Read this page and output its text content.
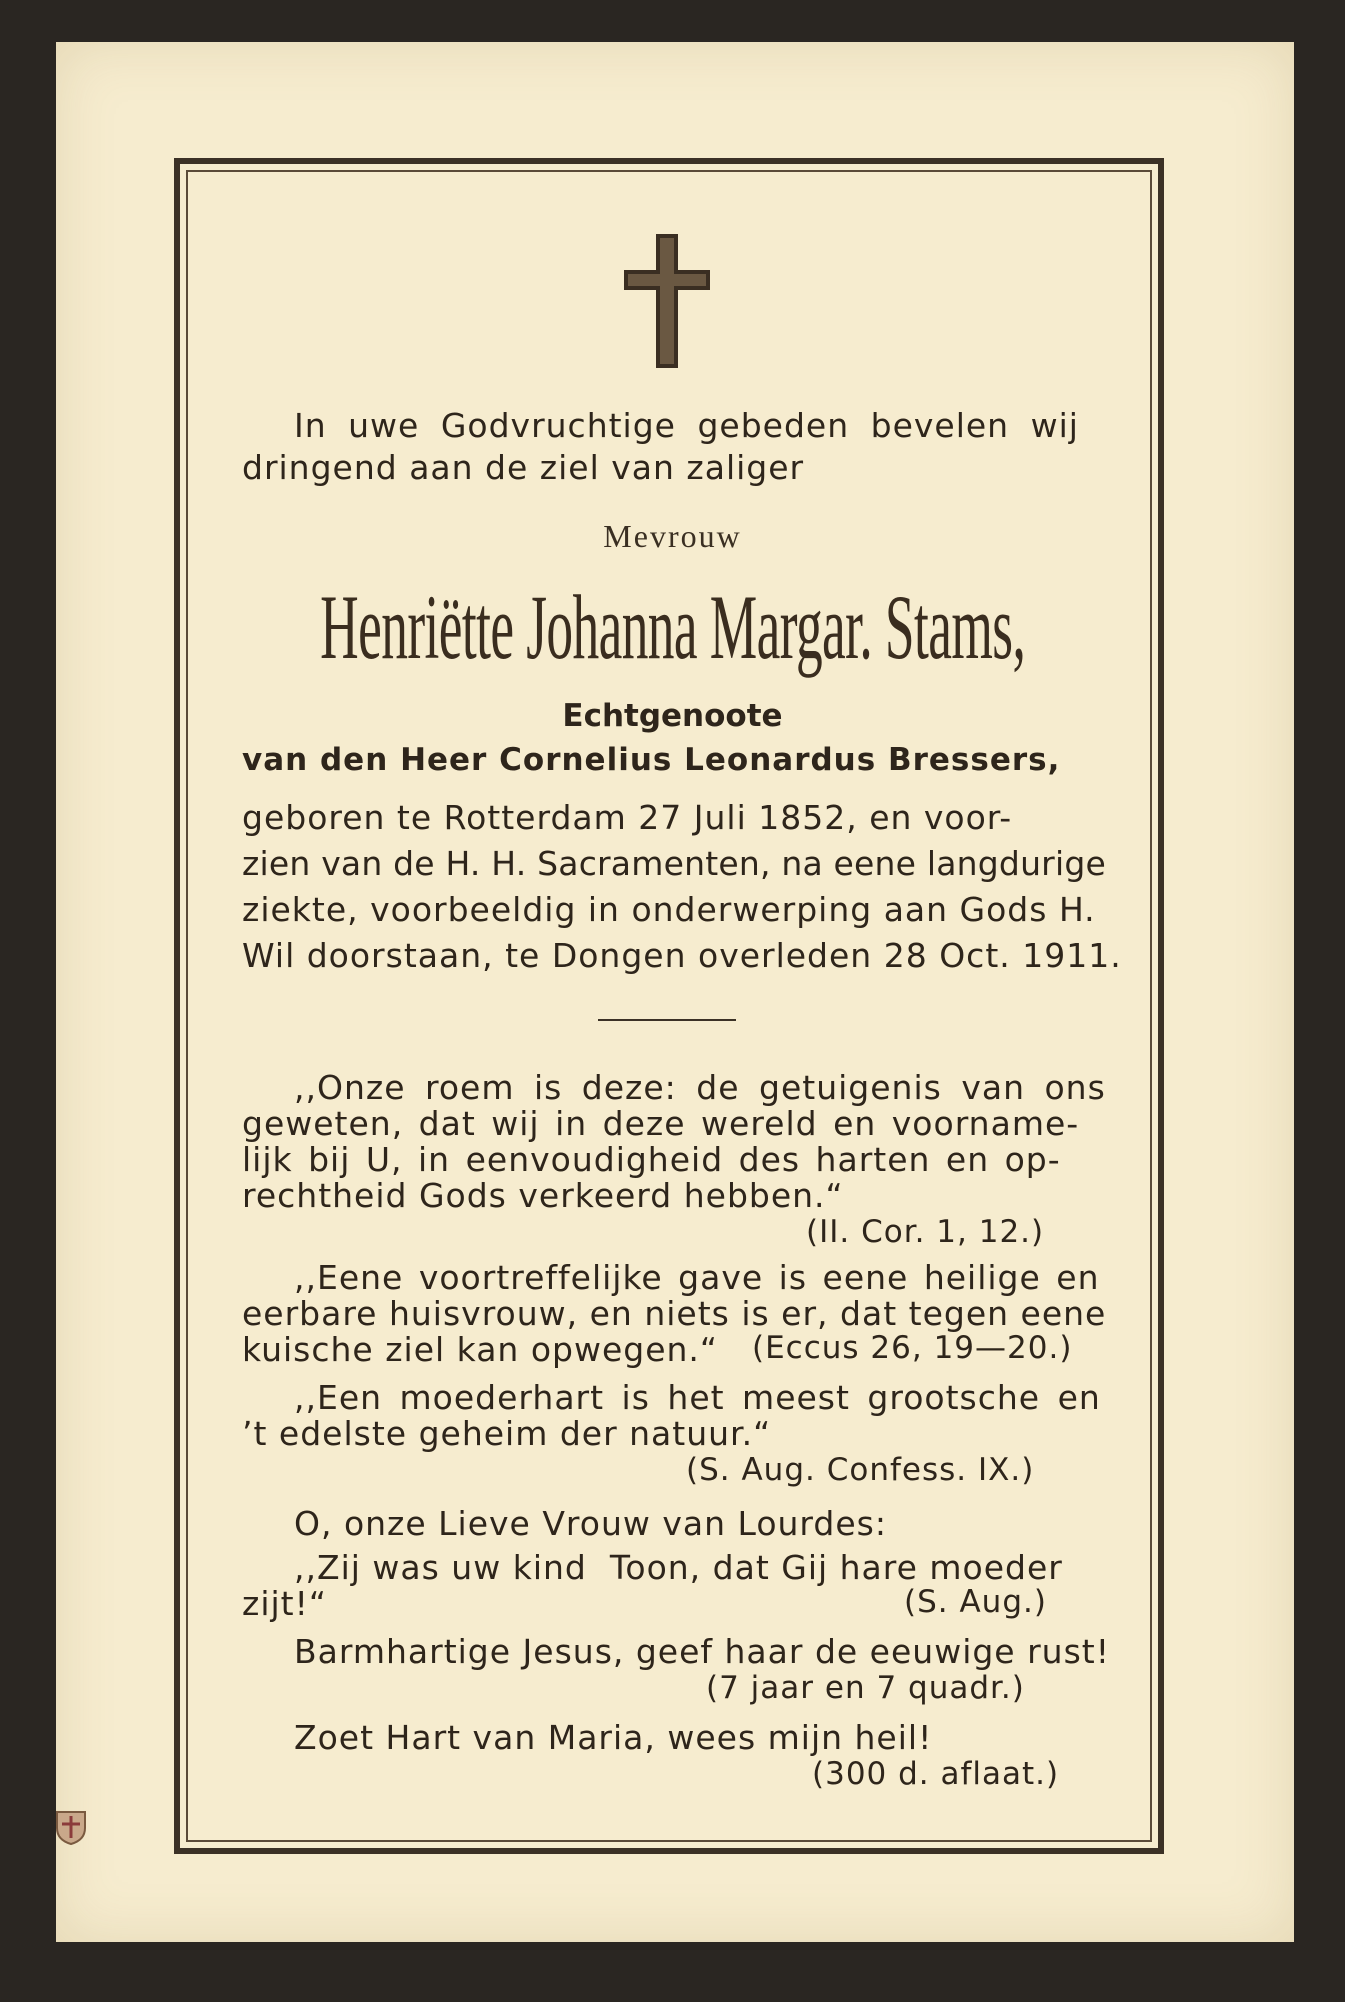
In uwe Godvruchtige gebeden bevelen wij
dringend aan de ziel van zaliger
Mevrouw
Henriëtte Johanna Margar. Stams,
Echtgenoote
van den Heer Cornelius Leonardus Bressers,
geboren te Rotterdam 27 Juli 1852, en voor-
zien van de H. H. Sacramenten, na eene langdurige
ziekte, voorbeeldig in onderwerping aan Gods H.
Wil doorstaan, te Dongen overleden 28 Oct. 1911.
,,Onze roem is deze: de getuigenis van ons
geweten, dat wij in deze wereld en voorname-
lijk bij U, in eenvoudigheid des harten en op-
rechtheid Gods verkeerd hebben.“
(II. Cor. 1, 12.)
,,Eene voortreffelijke gave is eene heilige en
eerbare huisvrouw, en niets is er, dat tegen eene
kuische ziel kan opwegen.“ (Eccus 26, 19—20.)
,,Een moederhart is het meest grootsche en
’t edelste geheim der natuur.“
(S. Aug. Confess. IX.)
O, onze Lieve Vrouw van Lourdes:
,,Zij was uw kind  Toon, dat Gij hare moeder
zijt!“	(S. Aug.)
Barmhartige Jesus, geef haar de eeuwige rust!
(7 jaar en 7 quadr.)
Zoet Hart van Maria, wees mijn heil!
(300 d. aflaat.)
